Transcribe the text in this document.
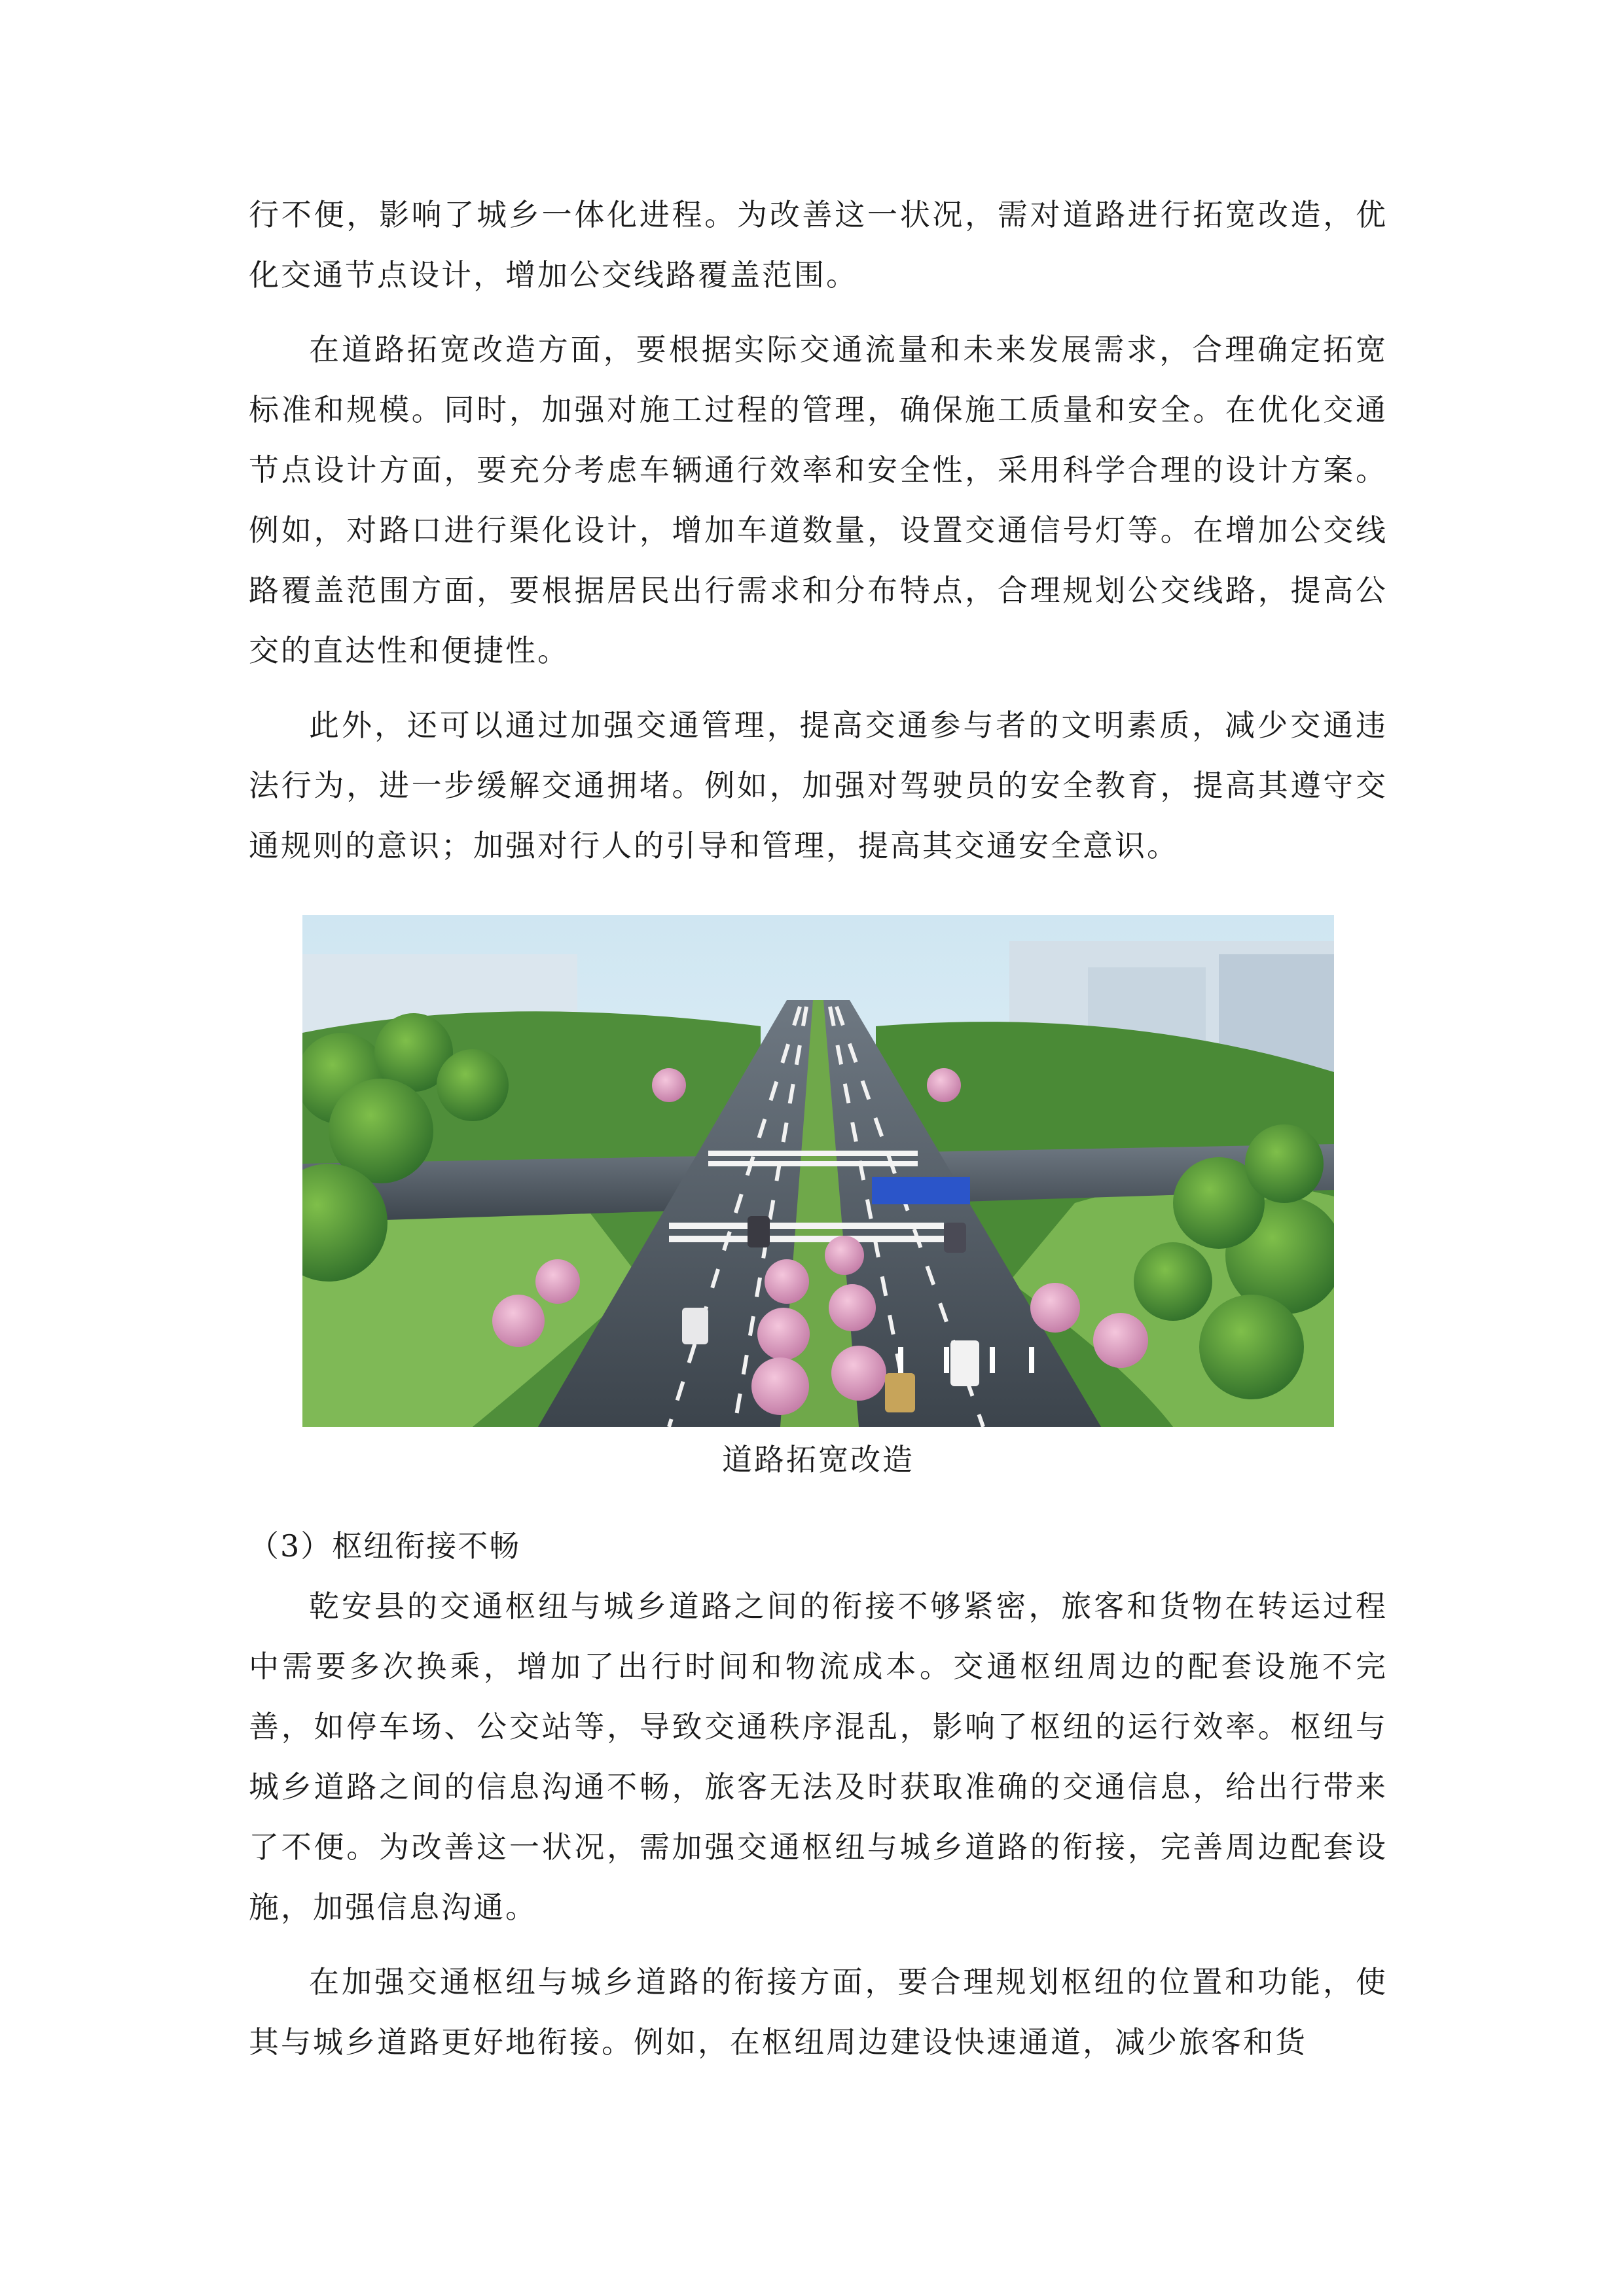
行不便，影响了城乡一体化进程。为改善这一状况，需对道路进行拓宽改造，优化交通节点设计，增加公交线路覆盖范围。

在道路拓宽改造方面，要根据实际交通流量和未来发展需求，合理确定拓宽标准和规模。同时，加强对施工过程的管理，确保施工质量和安全。在优化交通节点设计方面，要充分考虑车辆通行效率和安全性，采用科学合理的设计方案。例如，对路口进行渠化设计，增加车道数量，设置交通信号灯等。在增加公交线路覆盖范围方面，要根据居民出行需求和分布特点，合理规划公交线路，提高公交的直达性和便捷性。

此外，还可以通过加强交通管理，提高交通参与者的文明素质，减少交通违法行为，进一步缓解交通拥堵。例如，加强对驾驶员的安全教育，提高其遵守交通规则的意识；加强对行人的引导和管理，提高其交通安全意识。

道路拓宽改造

（3）枢纽衔接不畅

乾安县的交通枢纽与城乡道路之间的衔接不够紧密，旅客和货物在转运过程中需要多次换乘，增加了出行时间和物流成本。交通枢纽周边的配套设施不完善，如停车场、公交站等，导致交通秩序混乱，影响了枢纽的运行效率。枢纽与城乡道路之间的信息沟通不畅，旅客无法及时获取准确的交通信息，给出行带来了不便。为改善这一状况，需加强交通枢纽与城乡道路的衔接，完善周边配套设施，加强信息沟通。

在加强交通枢纽与城乡道路的衔接方面，要合理规划枢纽的位置和功能，使其与城乡道路更好地衔接。例如，在枢纽周边建设快速通道，减少旅客和货
